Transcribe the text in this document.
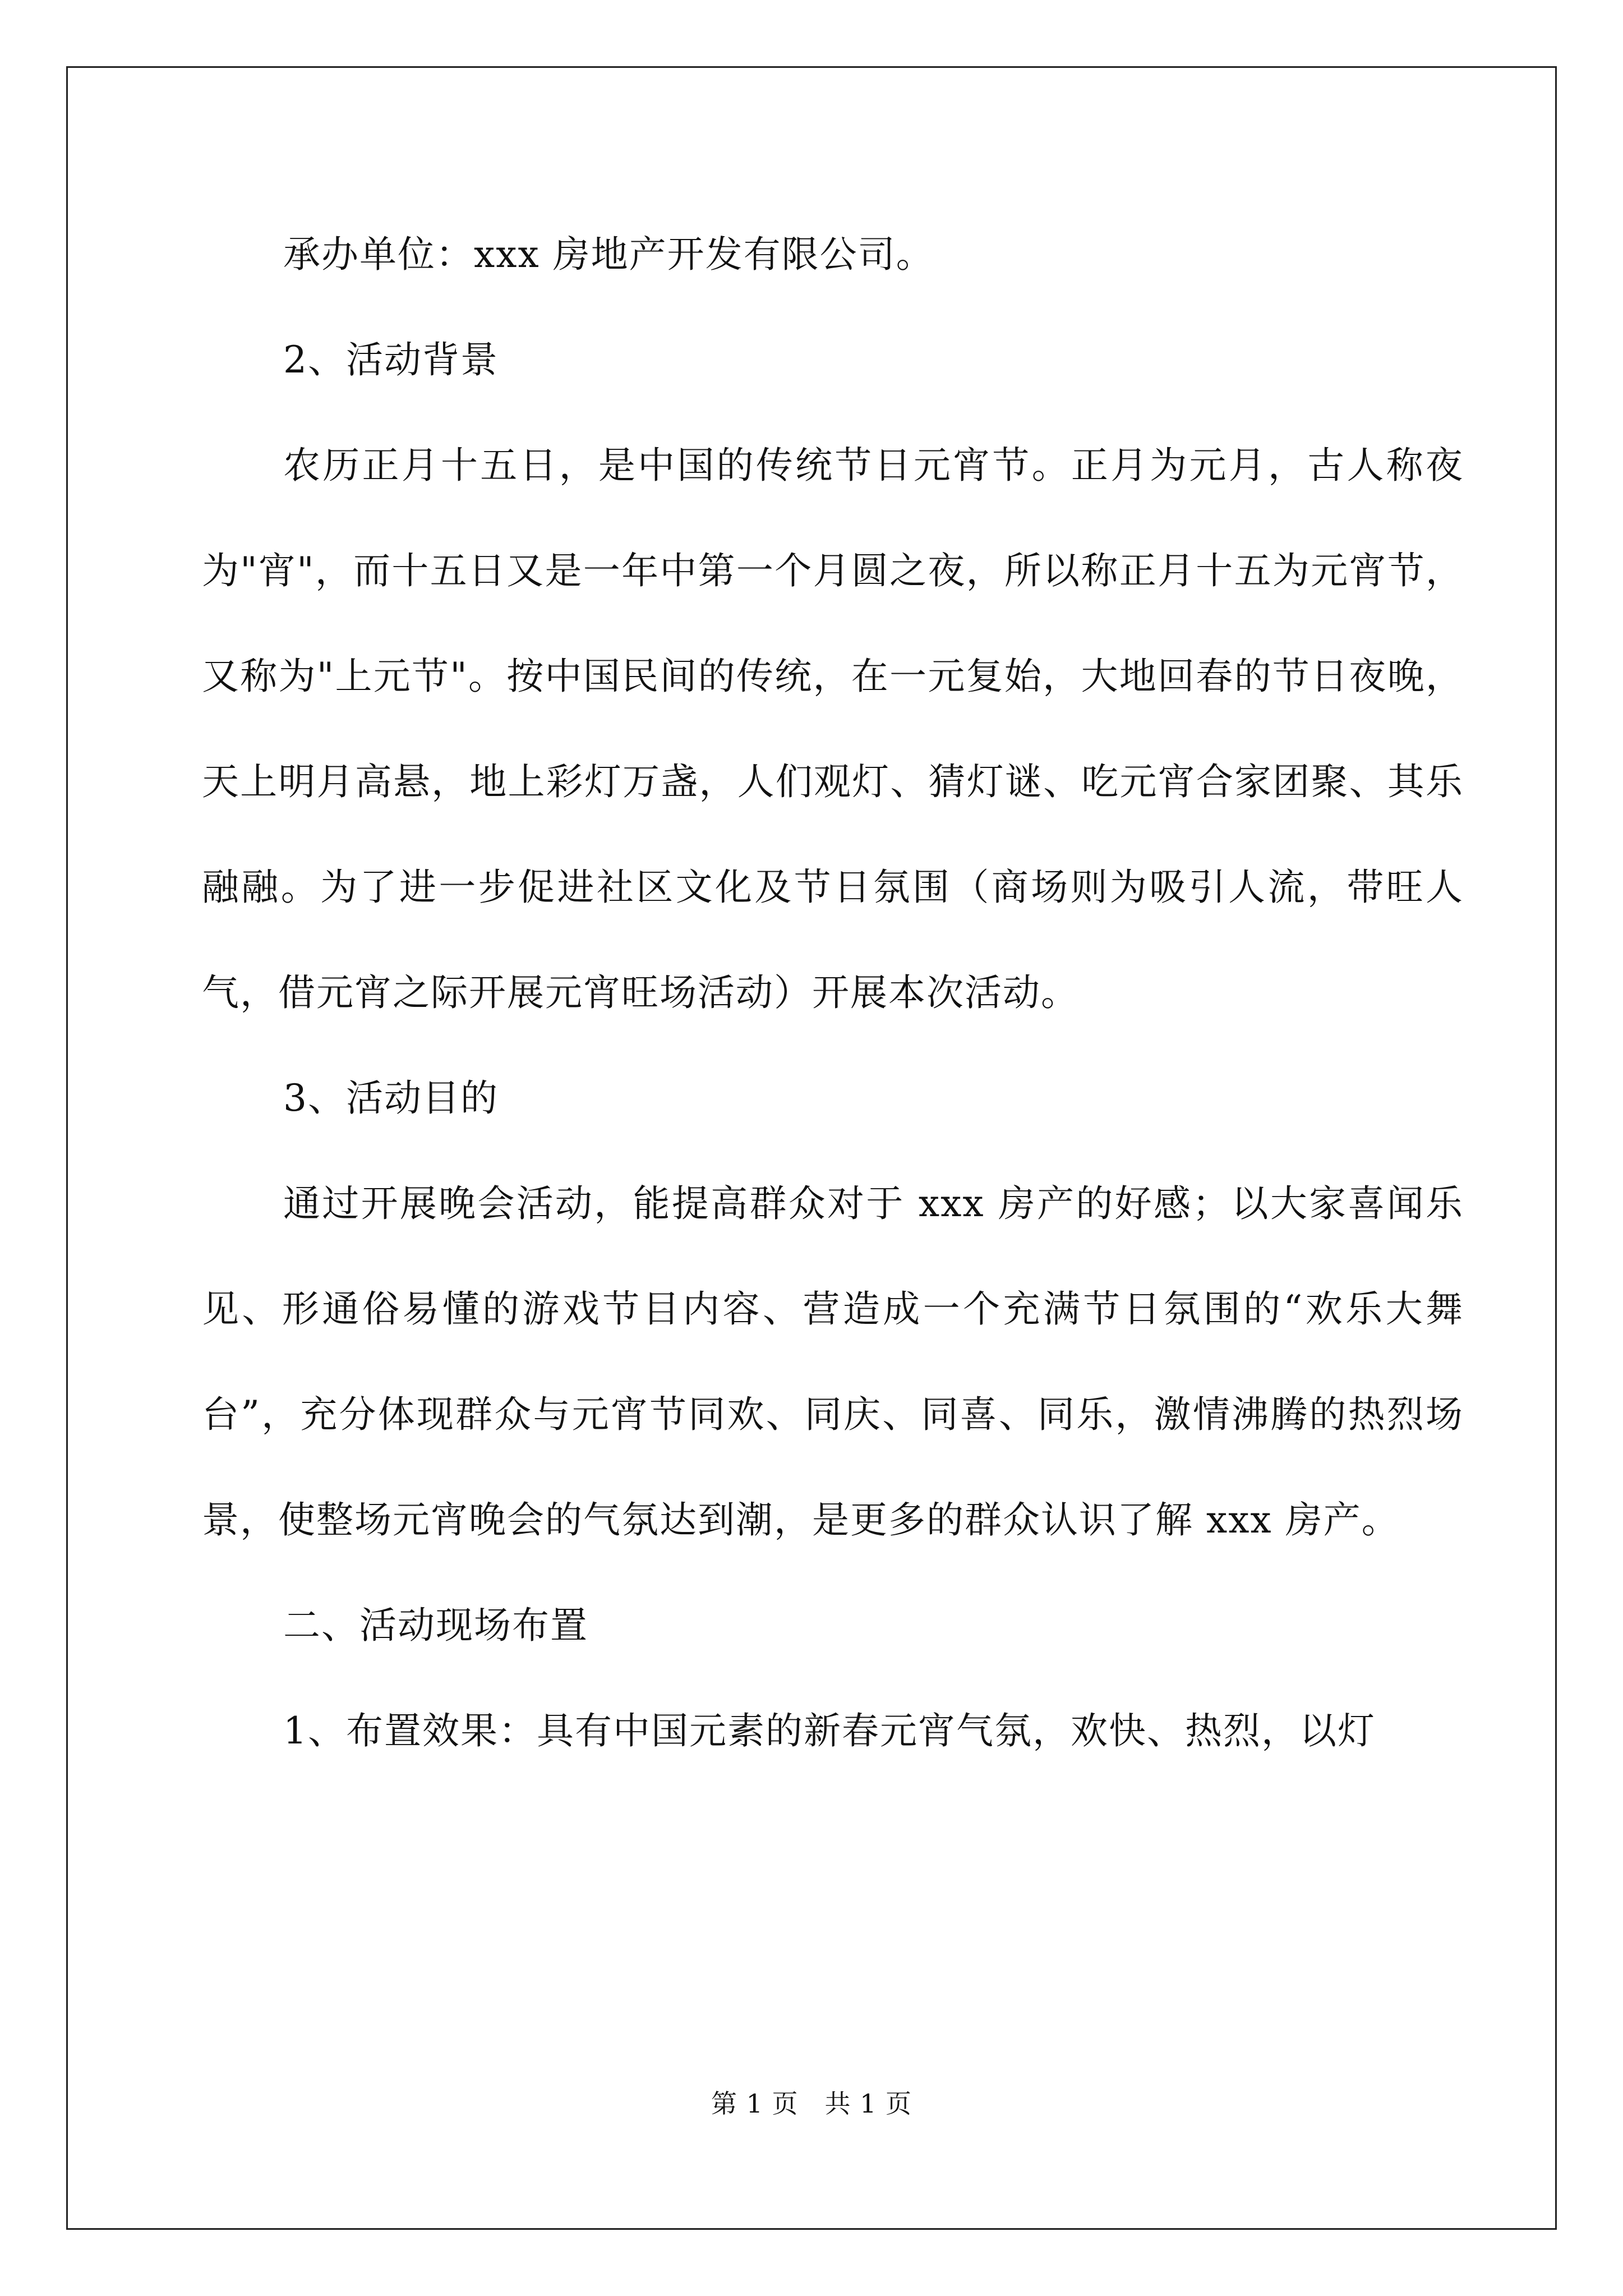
承办单位：xxx 房地产开发有限公司。

2、活动背景

农历正月十五日，是中国的传统节日元宵节。正月为元月，古人称夜为"宵"，而十五日又是一年中第一个月圆之夜，所以称正月十五为元宵节，又称为"上元节"。按中国民间的传统，在一元复始，大地回春的节日夜晚，天上明月高悬，地上彩灯万盏，人们观灯、猜灯谜、吃元宵合家团聚、其乐融融。为了进一步促进社区文化及节日氛围（商场则为吸引人流，带旺人气，借元宵之际开展元宵旺场活动）开展本次活动。

3、活动目的

通过开展晚会活动，能提高群众对于 xxx 房产的好感；以大家喜闻乐见、形通俗易懂的游戏节目内容、营造成一个充满节日氛围的“欢乐大舞台”，充分体现群众与元宵节同欢、同庆、同喜、同乐，激情沸腾的热烈场景，使整场元宵晚会的气氛达到潮，是更多的群众认识了解 xxx 房产。

二、活动现场布置

1、布置效果：具有中国元素的新春元宵气氛，欢快、热烈，以灯

第 1 页　共 1 页
